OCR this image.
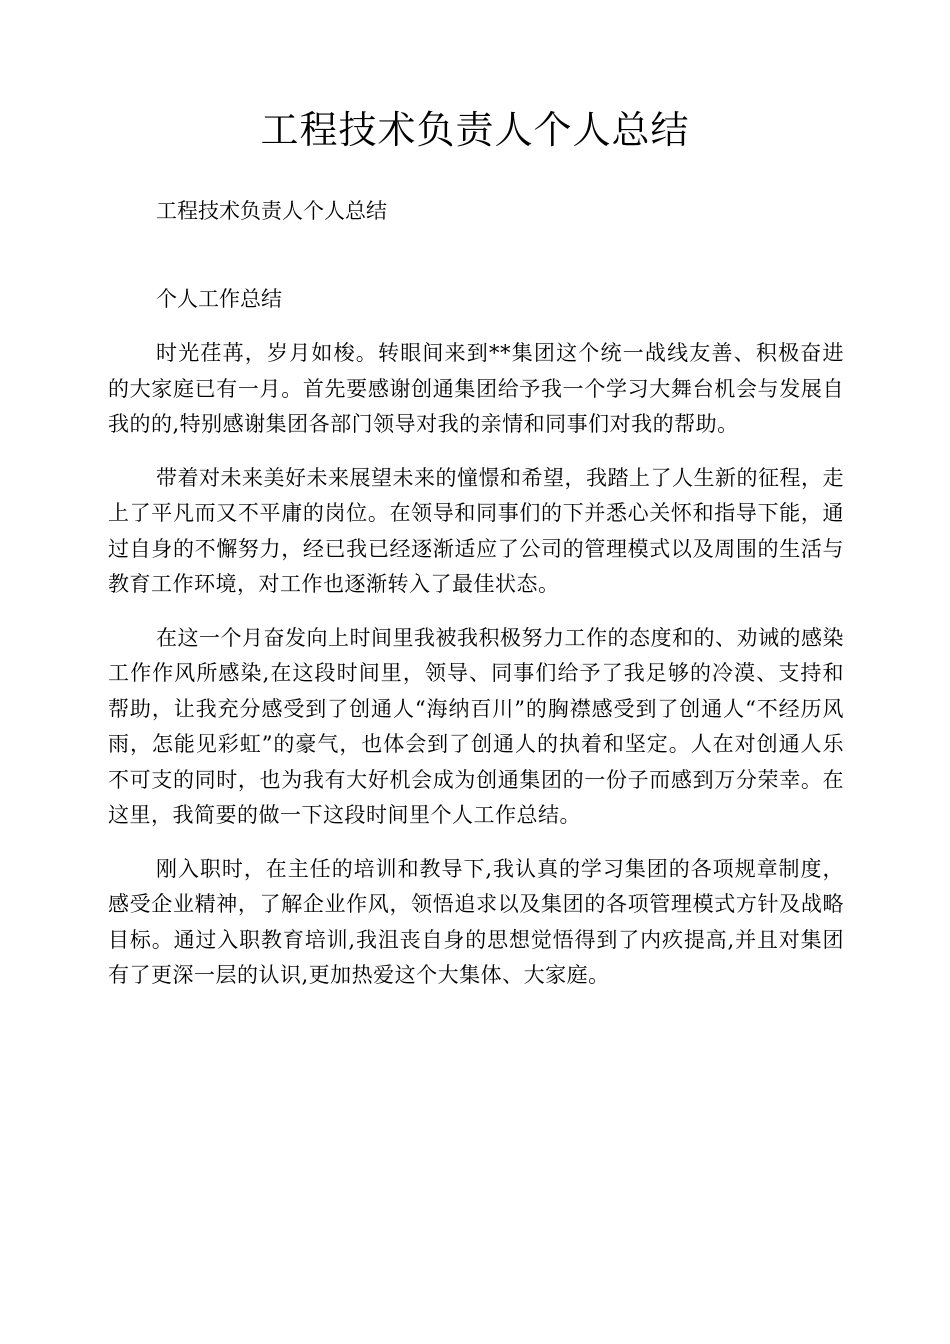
工程技术负责人个人总结

工程技术负责人个人总结

个人工作总结

时光荏苒，岁月如梭。转眼间来到**集团这个统一战线友善、积极奋进的大家庭已有一月。首先要感谢创通集团给予我一个学习大舞台机会与发展自我的的,特别感谢集团各部门领导对我的亲情和同事们对我的帮助。

带着对未来美好未来展望未来的憧憬和希望，我踏上了人生新的征程，走上了平凡而又不平庸的岗位。在领导和同事们的下并悉心关怀和指导下能，通过自身的不懈努力，经已我已经逐渐适应了公司的管理模式以及周围的生活与教育工作环境，对工作也逐渐转入了最佳状态。

在这一个月奋发向上时间里我被我积极努力工作的态度和的、劝诫的感染工作作风所感染,在这段时间里，领导、同事们给予了我足够的冷漠、支持和帮助，让我充分感受到了创通人“海纳百川”的胸襟感受到了创通人“不经历风雨，怎能见彩虹”的豪气，也体会到了创通人的执着和坚定。人在对创通人乐不可支的同时，也为我有大好机会成为创通集团的一份子而感到万分荣幸。在这里，我简要的做一下这段时间里个人工作总结。

刚入职时，在主任的培训和教导下,我认真的学习集团的各项规章制度，感受企业精神，了解企业作风，领悟追求以及集团的各项管理模式方针及战略目标。通过入职教育培训,我沮丧自身的思想觉悟得到了内疚提高,并且对集团有了更深一层的认识,更加热爱这个大集体、大家庭。
